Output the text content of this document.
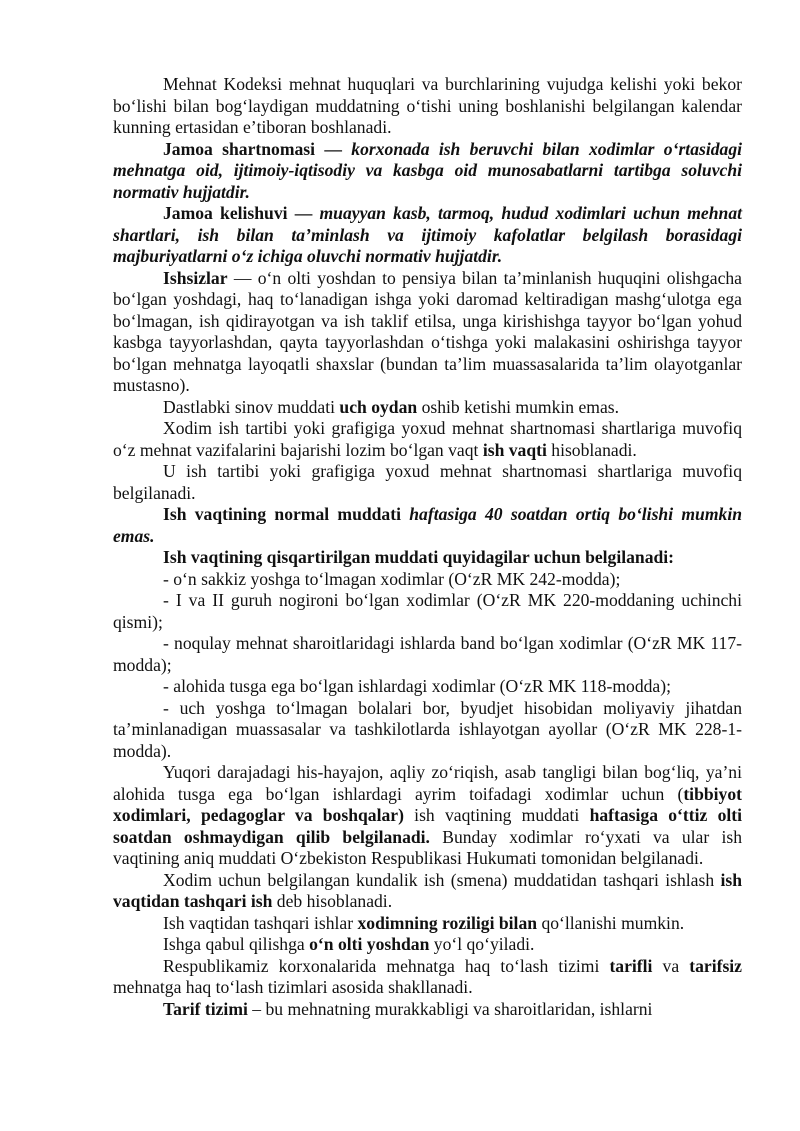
Mehnat Kodeksi mehnat huquqlari va burchlarining vujudga kelishi yoki bekor boʻlishi bilan bogʻlaydigan muddatning oʻtishi uning boshlanishi belgilangan kalendar kunning ertasidan eʼtiboran boshlanadi.

Jamoa shartnomasi — korxonada ish beruvchi bilan xodimlar oʻrtasidagi mehnatga oid, ijtimoiy-iqtisodiy va kasbga oid munosabatlarni tartibga soluvchi normativ hujjatdir.

Jamoa kelishuvi — muayyan kasb, tarmoq, hudud xodimlari uchun mehnat shartlari, ish bilan taʼminlash va ijtimoiy kafolatlar belgilash borasidagi majburiyatlarni oʻz ichiga oluvchi normativ hujjatdir.

Ishsizlar — oʻn olti yoshdan to pensiya bilan taʼminlanish huquqini olishgacha boʻlgan yoshdagi, haq toʻlanadigan ishga yoki daromad keltiradigan mashgʻulotga ega boʻlmagan, ish qidirayotgan va ish taklif etilsa, unga kirishishga tayyor boʻlgan yohud kasbga tayyorlashdan, qayta tayyorlashdan oʻtishga yoki malakasini oshirishga tayyor boʻlgan mehnatga layoqatli shaxslar (bundan taʼlim muassasalarida taʼlim olayotganlar mustasno).

Dastlabki sinov muddati uch oydan oshib ketishi mumkin emas.

Xodim ish tartibi yoki grafigiga yoxud mehnat shartnomasi shartlariga muvofiq oʻz mehnat vazifalarini bajarishi lozim boʻlgan vaqt ish vaqti hisoblanadi.

U ish tartibi yoki grafigiga yoxud mehnat shartnomasi shartlariga muvofiq belgilanadi.

Ish vaqtining normal muddati haftasiga 40 soatdan ortiq boʻlishi mumkin emas.

Ish vaqtining qisqartirilgan muddati quyidagilar uchun belgilanadi:

- oʻn sakkiz yoshga toʻlmagan xodimlar (OʻzR MK 242-modda);

- I va II guruh nogironi boʻlgan xodimlar (OʻzR MK 220-moddaning uchinchi qismi);

- noqulay mehnat sharoitlaridagi ishlarda band boʻlgan xodimlar (OʻzR MK 117-modda);

- alohida tusga ega boʻlgan ishlardagi xodimlar (OʻzR MK 118-modda);

- uch yoshga toʻlmagan bolalari bor, byudjet hisobidan moliyaviy jihatdan taʼminlanadigan muassasalar va tashkilotlarda ishlayotgan ayollar (OʻzR MK 228-1-modda).

Yuqori darajadagi his-hayajon, aqliy zoʻriqish, asab tangligi bilan bogʻliq, yaʼni alohida tusga ega boʻlgan ishlardagi ayrim toifadagi xodimlar uchun (tibbiyot xodimlari, pedagoglar va boshqalar) ish vaqtining muddati haftasiga oʻttiz olti soatdan oshmaydigan qilib belgilanadi. Bunday xodimlar roʻyxati va ular ish vaqtining aniq muddati Oʻzbekiston Respublikasi Hukumati tomonidan belgilanadi.

Xodim uchun belgilangan kundalik ish (smena) muddatidan tashqari ishlash ish vaqtidan tashqari ish deb hisoblanadi.

Ish vaqtidan tashqari ishlar xodimning roziligi bilan qoʻllanishi mumkin.

Ishga qabul qilishga oʻn olti yoshdan yoʻl qoʻyiladi.

Respublikamiz korxonalarida mehnatga haq toʻlash tizimi tarifli va tarifsiz mehnatga haq toʻlash tizimlari asosida shakllanadi.

Tarif tizimi – bu mehnatning murakkabligi va sharoitlaridan, ishlarni
